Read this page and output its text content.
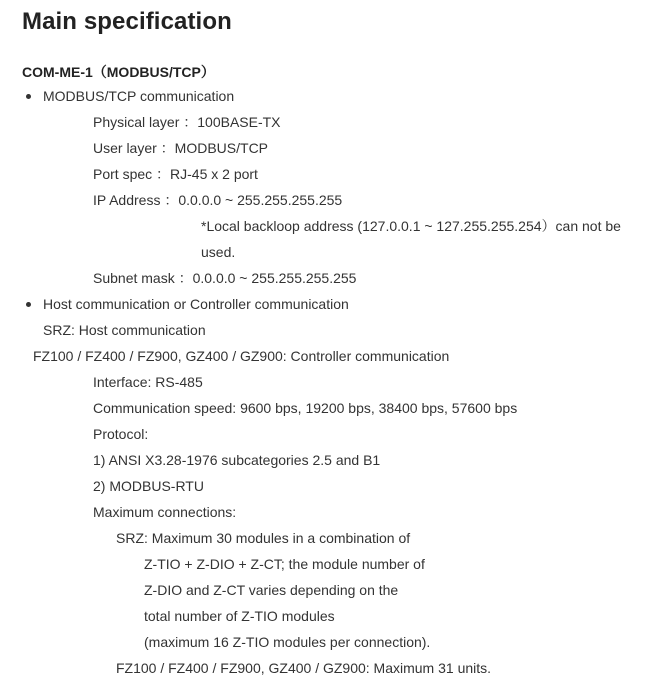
Main specification
COM-ME-1（MODBUS/TCP）
MODBUS/TCP communication
Physical layer ：100BASE-TX
User layer ：MODBUS/TCP
Port spec ：RJ-45 x 2 port
IP Address ：0.0.0.0 ~ 255.255.255.255
*Local backloop address (127.0.0.1 ~ 127.255.255.254）can not be
used.
Subnet mask ：0.0.0.0 ~ 255.255.255.255
Host communication or Controller communication
SRZ: Host communication
FZ100 / FZ400 / FZ900, GZ400 / GZ900: Controller communication
Interface: RS-485
Communication speed: 9600 bps, 19200 bps, 38400 bps, 57600 bps
Protocol:
1) ANSI X3.28-1976 subcategories 2.5 and B1
2) MODBUS-RTU
Maximum connections:
SRZ: Maximum 30 modules in a combination of
Z-TIO + Z-DIO + Z-CT; the module number of
Z-DIO and Z-CT varies depending on the
total number of Z-TIO modules
(maximum 16 Z-TIO modules per connection).
FZ100 / FZ400 / FZ900, GZ400 / GZ900: Maximum 31 units.
